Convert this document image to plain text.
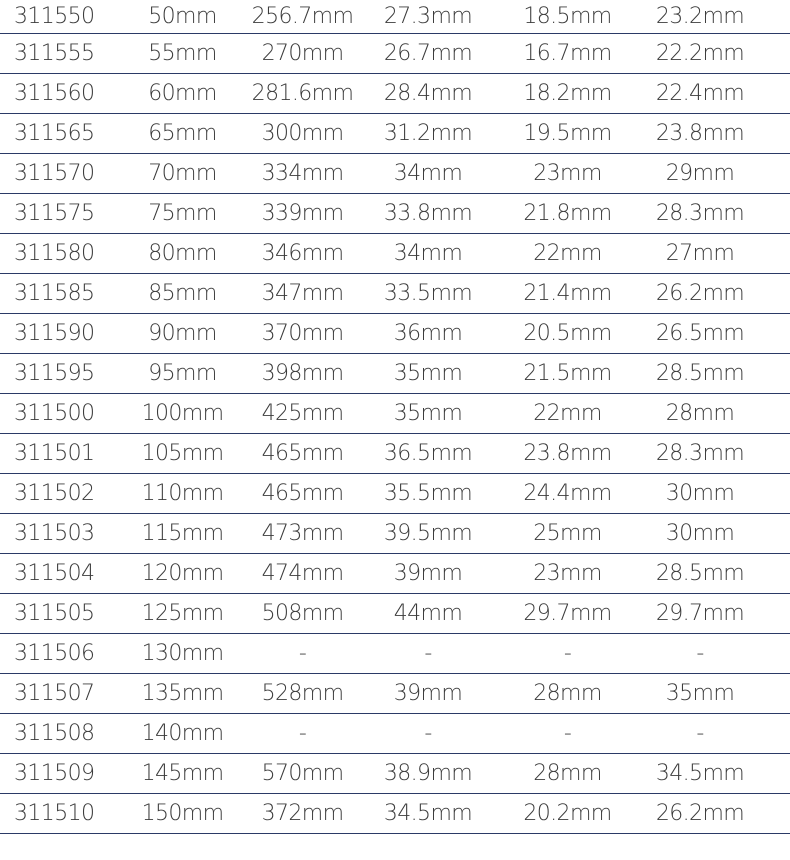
311550	50mm	256.7mm	27.3mm	18.5mm	23.2mm
311555	55mm	270mm	26.7mm	16.7mm	22.2mm
311560	60mm	281.6mm	28.4mm	18.2mm	22.4mm
311565	65mm	300mm	31.2mm	19.5mm	23.8mm
311570	70mm	334mm	34mm	23mm	29mm
311575	75mm	339mm	33.8mm	21.8mm	28.3mm
311580	80mm	346mm	34mm	22mm	27mm
311585	85mm	347mm	33.5mm	21.4mm	26.2mm
311590	90mm	370mm	36mm	20.5mm	26.5mm
311595	95mm	398mm	35mm	21.5mm	28.5mm
311500	100mm	425mm	35mm	22mm	28mm
311501	105mm	465mm	36.5mm	23.8mm	28.3mm
311502	110mm	465mm	35.5mm	24.4mm	30mm
311503	115mm	473mm	39.5mm	25mm	30mm
311504	120mm	474mm	39mm	23mm	28.5mm
311505	125mm	508mm	44mm	29.7mm	29.7mm
311506	130mm	-	-	-	-
311507	135mm	528mm	39mm	28mm	35mm
311508	140mm	-	-	-	-
311509	145mm	570mm	38.9mm	28mm	34.5mm
311510	150mm	372mm	34.5mm	20.2mm	26.2mm
